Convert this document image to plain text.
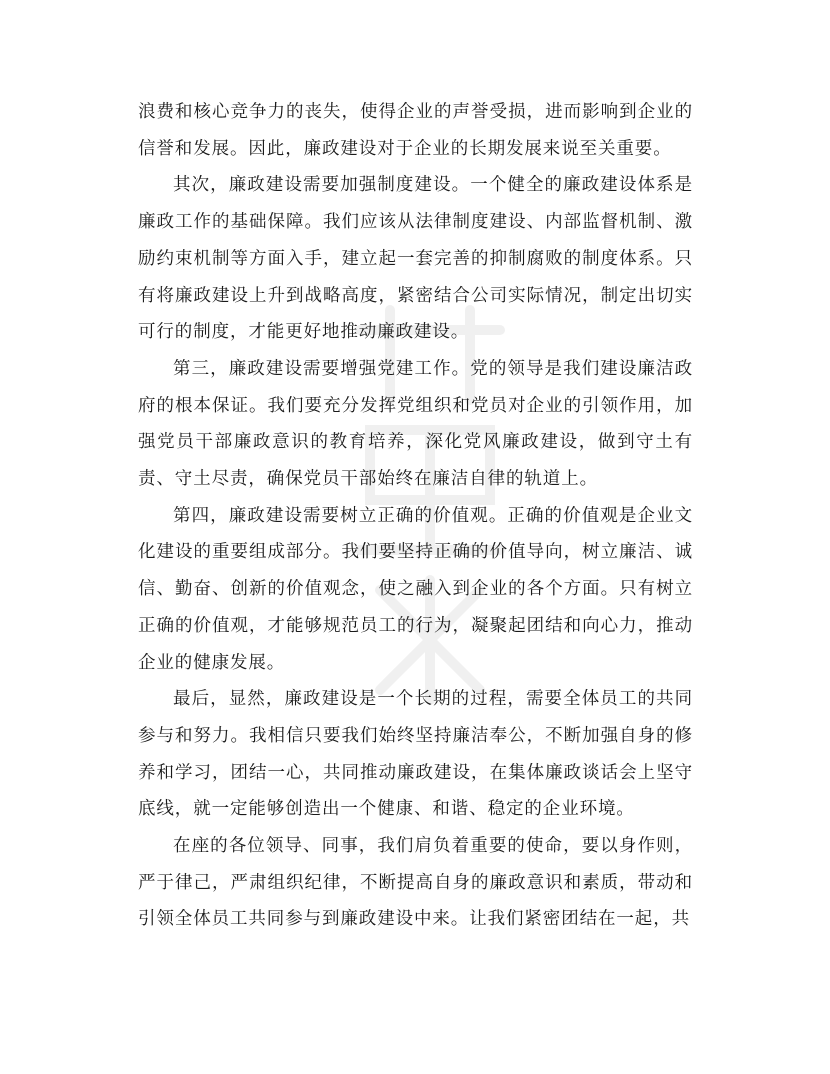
浪费和核心竞争力的丧失，使得企业的声誉受损，进而影响到企业的信誉和发展。因此，廉政建设对于企业的长期发展来说至关重要。

其次，廉政建设需要加强制度建设。一个健全的廉政建设体系是廉政工作的基础保障。我们应该从法律制度建设、内部监督机制、激励约束机制等方面入手，建立起一套完善的抑制腐败的制度体系。只有将廉政建设上升到战略高度，紧密结合公司实际情况，制定出切实可行的制度，才能更好地推动廉政建设。

第三，廉政建设需要增强党建工作。党的领导是我们建设廉洁政府的根本保证。我们要充分发挥党组织和党员对企业的引领作用，加强党员干部廉政意识的教育培养，深化党风廉政建设，做到守土有责、守土尽责，确保党员干部始终在廉洁自律的轨道上。

第四，廉政建设需要树立正确的价值观。正确的价值观是企业文化建设的重要组成部分。我们要坚持正确的价值导向，树立廉洁、诚信、勤奋、创新的价值观念，使之融入到企业的各个方面。只有树立正确的价值观，才能够规范员工的行为，凝聚起团结和向心力，推动企业的健康发展。

最后，显然，廉政建设是一个长期的过程，需要全体员工的共同参与和努力。我相信只要我们始终坚持廉洁奉公，不断加强自身的修养和学习，团结一心，共同推动廉政建设，在集体廉政谈话会上坚守底线，就一定能够创造出一个健康、和谐、稳定的企业环境。

在座的各位领导、同事，我们肩负着重要的使命，要以身作则，严于律己，严肃组织纪律，不断提高自身的廉政意识和素质，带动和引领全体员工共同参与到廉政建设中来。让我们紧密团结在一起，共
